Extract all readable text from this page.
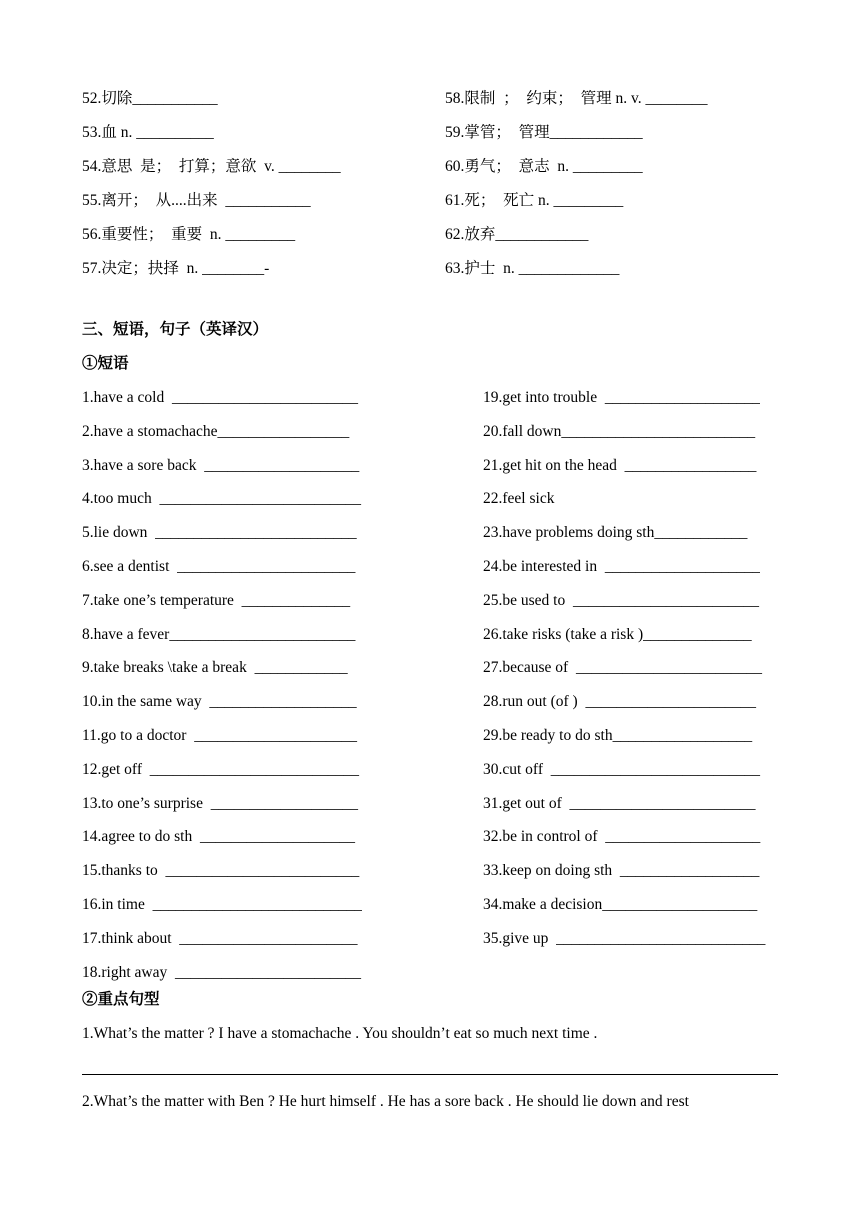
52.切除___________	58.限制  ；  约束；  管理 n. v. ________
53.血 n. __________	59.掌管；  管理____________
54.意思  是；  打算；意欲  v. ________	60.勇气；  意志  n. _________
55.离开；  从....出来  ___________	61.死；  死亡 n. _________
56.重要性；  重要  n. _________	62.放弃____________
57.决定；抉择  n. ________-	63.护士  n. _____________
三、短语，句子（英译汉）
①短语
1.have a cold  ________________________	19.get into trouble  ____________________
2.have a stomachache_________________	20.fall down_________________________
3.have a sore back  ____________________	21.get hit on the head  _________________
4.too much  __________________________	22.feel sick
5.lie down  __________________________	23.have problems doing sth____________
6.see a dentist  _______________________	24.be interested in  ____________________
7.take one’s temperature  ______________	25.be used to  ________________________
8.have a fever________________________	26.take risks (take a risk )______________
9.take breaks \take a break  ____________	27.because of  ________________________
10.in the same way  ___________________	28.run out (of )  ______________________
11.go to a doctor  _____________________	29.be ready to do sth__________________
12.get off  ___________________________	30.cut off  ___________________________
13.to one’s surprise  ___________________	31.get out of  ________________________
14.agree to do sth  ____________________	32.be in control of  ____________________
15.thanks to  _________________________	33.keep on doing sth  __________________
16.in time  ___________________________	34.make a decision____________________
17.think about  _______________________	35.give up  ___________________________
18.right away  ________________________
②重点句型
1.What’s the matter ? I have a stomachache . You shouldn’t eat so much next time .
2.What’s the matter with Ben ? He hurt himself . He has a sore back . He should lie down and rest
